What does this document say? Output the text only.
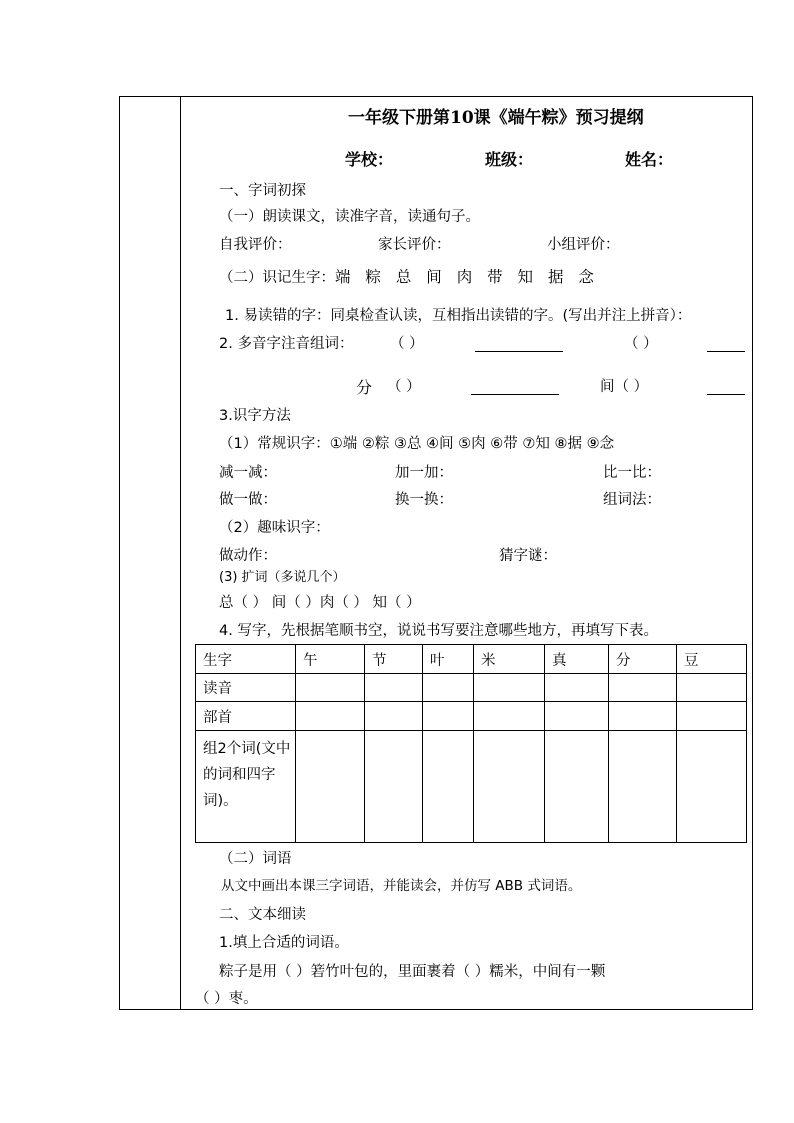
一年级下册第10课《端午粽》预习提纲
学校：	班级：	姓名：
一、字词初探
（一）朗读课文，读准字音，读通句子。
自我评价：	家长评价：	小组评价：
（二）识记生字：端 粽 总 间 肉 带 知 据 念
1. 易读错的字：同桌检查认读，互相指出读错的字。(写出并注上拼音）：
2. 多音字注音组词：	（ ）	（ ）
分 （ ）	间（ ）
3.识字方法
（1）常规识字：①端 ②粽 ③总 ④间 ⑤肉 ⑥带 ⑦知 ⑧据 ⑨念
减一减：	加一加：	比一比：
做一做：	换一换：	组词法：
（2）趣味识字：
做动作：	猜字谜：
(3) 扩词（多说几个）
总（ ） 间（ ）肉（ ） 知（ ）
4. 写字，先根据笔顺书空，说说书写要注意哪些地方，再填写下表。
生字	午	节	叶	米	真	分	豆
读音							
部首							
组2个词(文中的词和四字词)。							
（二）词语
从文中画出本课三字词语，并能读会，并仿写 ABB 式词语。
二、文本细读
1.填上合适的词语。
粽子是用（ ）箬竹叶包的，里面裹着（ ）糯米，中间有一颗
（ ）枣。
